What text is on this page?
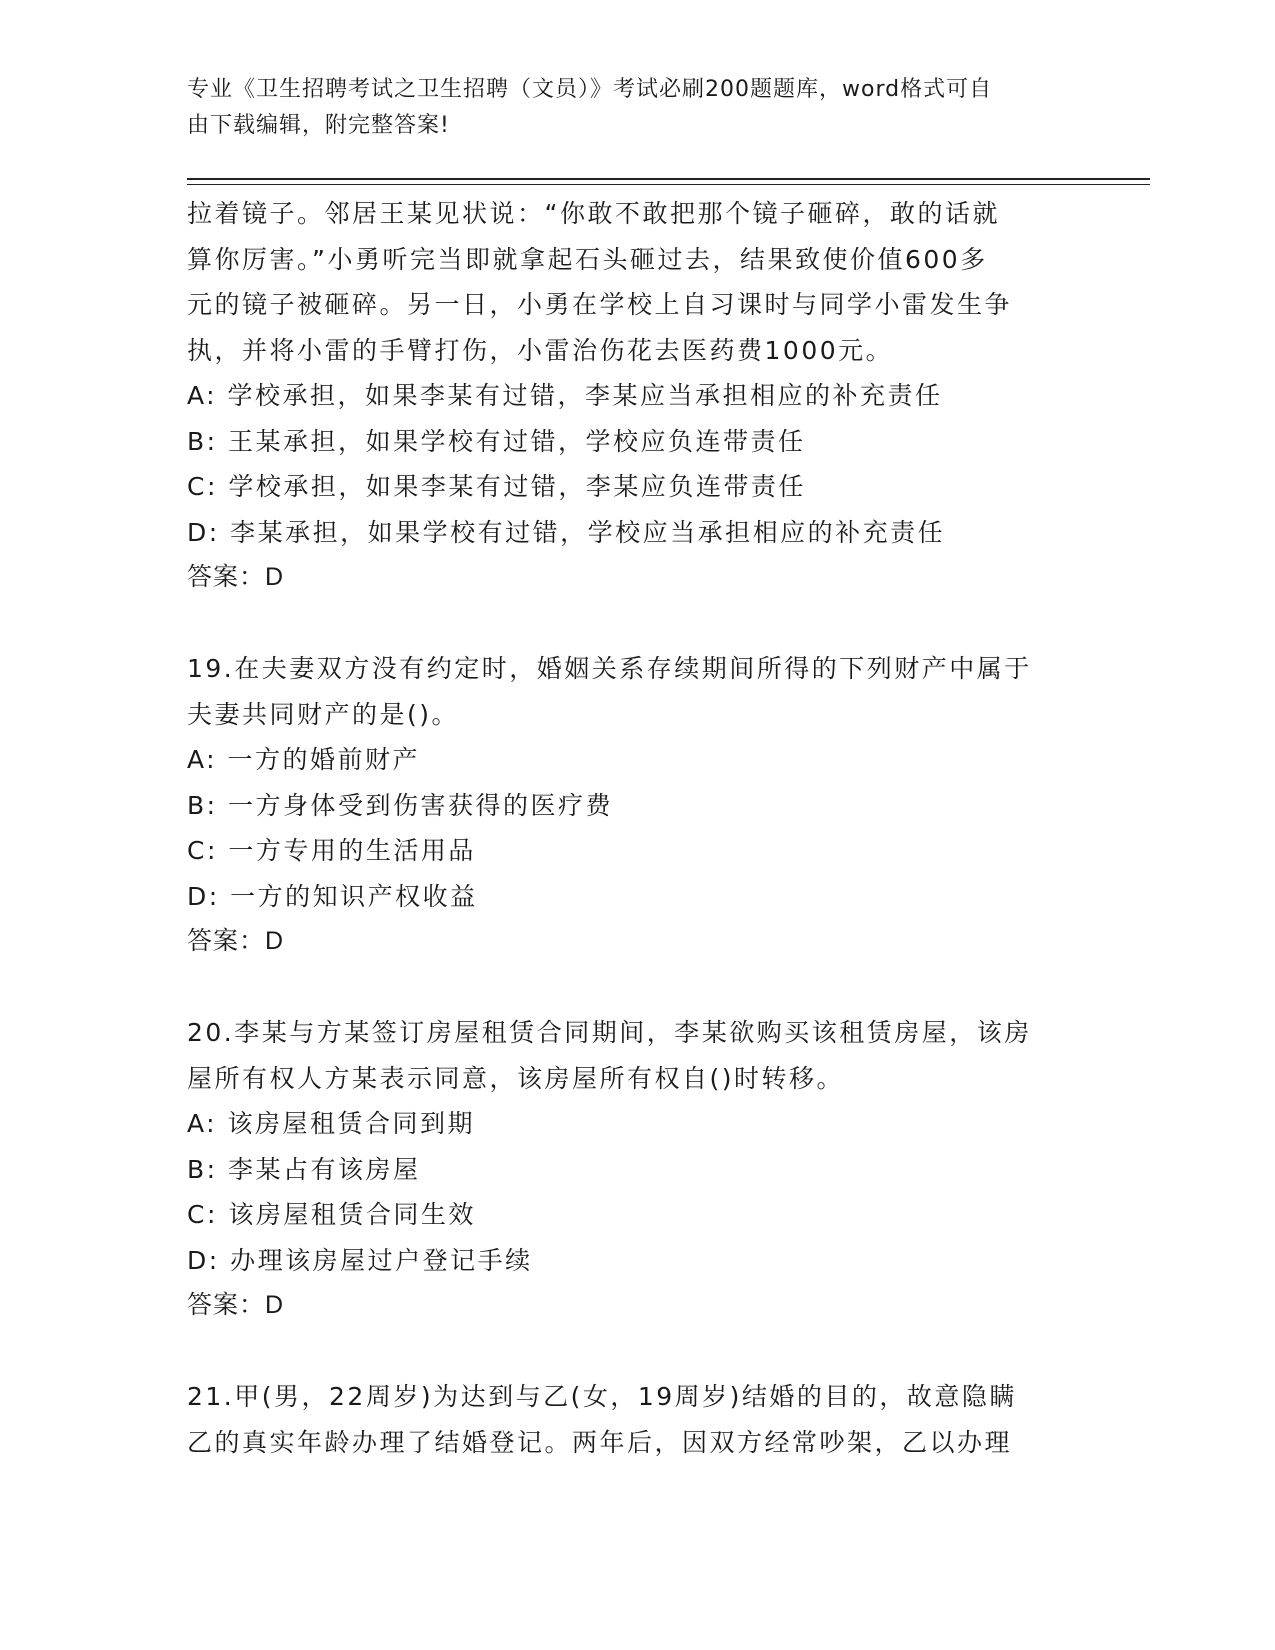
专业《卫生招聘考试之卫生招聘（文员）》考试必刷200题题库，word格式可自
由下载编辑，附完整答案!
拉着镜子。邻居王某见状说：“你敢不敢把那个镜子砸碎，敢的话就
算你厉害。”小勇听完当即就拿起石头砸过去，结果致使价值600多
元的镜子被砸碎。另一日，小勇在学校上自习课时与同学小雷发生争
执，并将小雷的手臂打伤，小雷治伤花去医药费1000元。
A: 学校承担，如果李某有过错，李某应当承担相应的补充责任
B: 王某承担，如果学校有过错，学校应负连带责任
C: 学校承担，如果李某有过错，李某应负连带责任
D: 李某承担，如果学校有过错，学校应当承担相应的补充责任
答案：D
19.在夫妻双方没有约定时，婚姻关系存续期间所得的下列财产中属于
夫妻共同财产的是()。
A: 一方的婚前财产
B: 一方身体受到伤害获得的医疗费
C: 一方专用的生活用品
D: 一方的知识产权收益
答案：D
20.李某与方某签订房屋租赁合同期间，李某欲购买该租赁房屋，该房
屋所有权人方某表示同意，该房屋所有权自()时转移。
A: 该房屋租赁合同到期
B: 李某占有该房屋
C: 该房屋租赁合同生效
D: 办理该房屋过户登记手续
答案：D
21.甲(男，22周岁)为达到与乙(女，19周岁)结婚的目的，故意隐瞒
乙的真实年龄办理了结婚登记。两年后，因双方经常吵架，乙以办理
